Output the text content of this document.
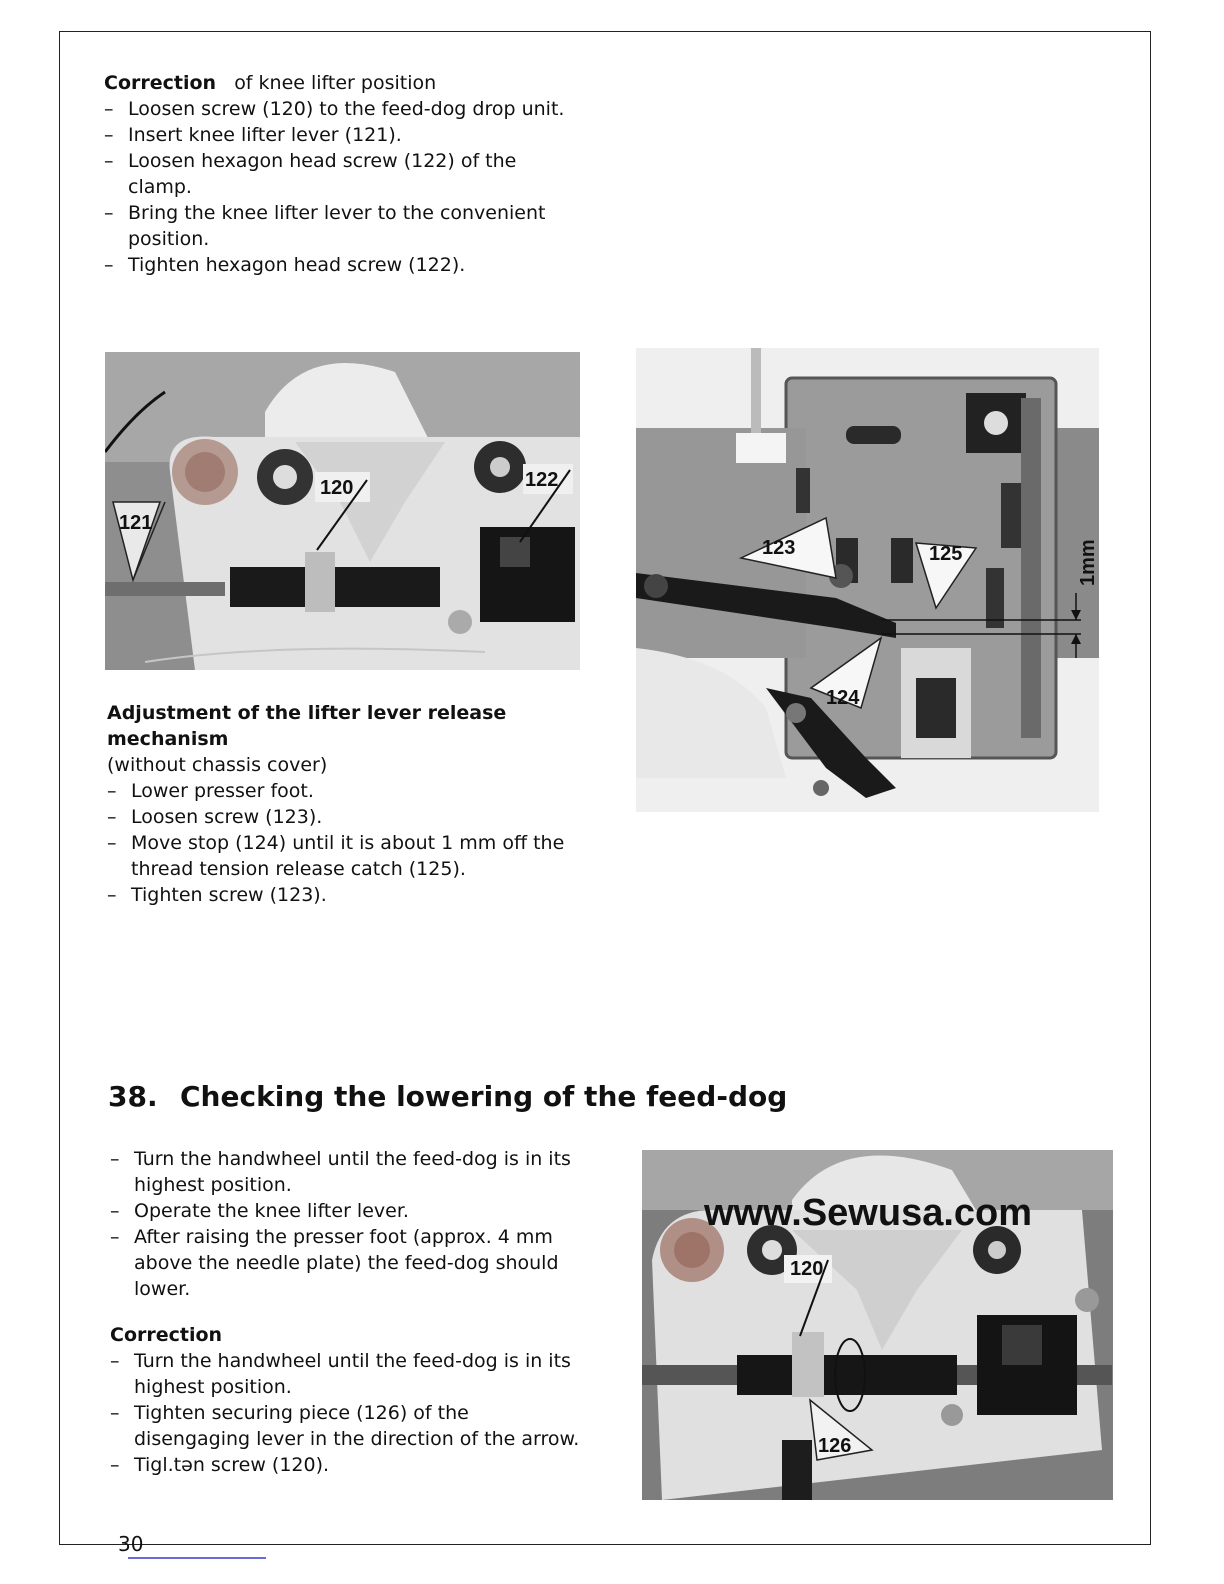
Correction of knee lifter position
– Loosen screw (120) to the feed-dog drop unit.
– Insert knee lifter lever (121).
– Loosen hexagon head screw (122) of the clamp.
– Bring the knee lifter lever to the convenient position.
– Tighten hexagon head screw (122).
121
120	122
1mm
123	125
124
Adjustment of the lifter lever release mechanism
(without chassis cover)
– Lower presser foot.
– Loosen screw (123).
– Move stop (124) until it is about 1 mm off the thread tension release catch (125).
– Tighten screw (123).
38. Checking the lowering of the feed-dog
– Turn the handwheel until the feed-dog is in its highest position.
– Operate the knee lifter lever.
– After raising the presser foot (approx. 4 mm above the needle plate) the feed-dog should lower.
Correction
– Turn the handwheel until the feed-dog is in its highest position.
– Tighten securing piece (126) of the disengaging lever in the direction of the arrow.
– Tigl.tən screw (120).
www.Sewusa.com
120
126
30
